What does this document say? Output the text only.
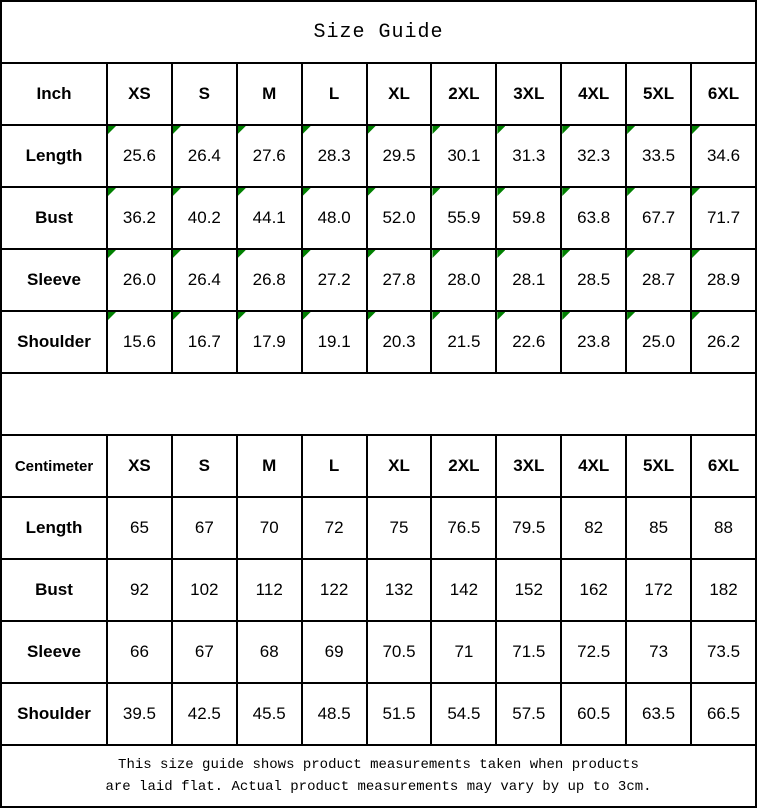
Size Guide										
Inch	XS	S	M	L	XL	2XL	3XL	4XL	5XL	6XL
Length	25.6	26.4	27.6	28.3	29.5	30.1	31.3	32.3	33.5	34.6
Bust	36.2	40.2	44.1	48.0	52.0	55.9	59.8	63.8	67.7	71.7
Sleeve	26.0	26.4	26.8	27.2	27.8	28.0	28.1	28.5	28.7	28.9
Shoulder	15.6	16.7	17.9	19.1	20.3	21.5	22.6	23.8	25.0	26.2

Centimeter	XS	S	M	L	XL	2XL	3XL	4XL	5XL	6XL
Length	65	67	70	72	75	76.5	79.5	82	85	88
Bust	92	102	112	122	132	142	152	162	172	182
Sleeve	66	67	68	69	70.5	71	71.5	72.5	73	73.5
Shoulder	39.5	42.5	45.5	48.5	51.5	54.5	57.5	60.5	63.5	66.5

This size guide shows product measurements taken when products
are laid flat. Actual product measurements may vary by up to 3cm.										
